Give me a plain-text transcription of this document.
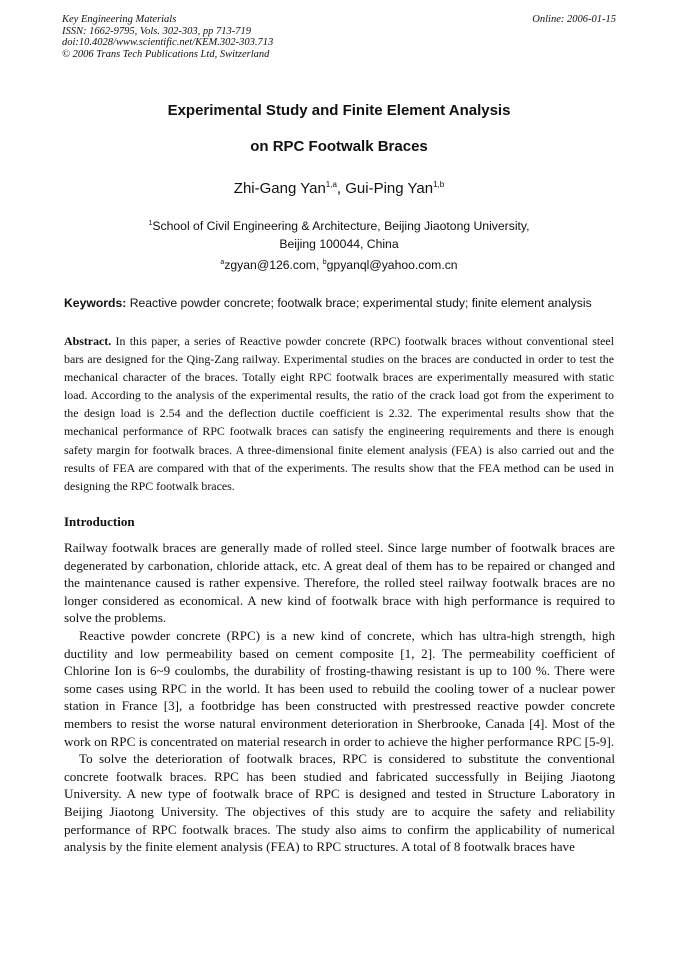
Key Engineering Materials
ISSN: 1662-9795, Vols. 302-303, pp 713-719
doi:10.4028/www.scientific.net/KEM.302-303.713
© 2006 Trans Tech Publications Ltd, Switzerland
Online: 2006-01-15
Experimental Study and Finite Element Analysis
on RPC Footwalk Braces
Zhi-Gang Yan$^{1,a}$, Gui-Ping Yan$^{1,b}$
$^1$School of Civil Engineering & Architecture, Beijing Jiaotong University,
Beijing 100044, China
$^a$zgyan@126.com, $^b$gpyanql@yahoo.com.cn
Keywords: Reactive powder concrete; footwalk brace; experimental study; finite element analysis
Abstract. In this paper, a series of Reactive powder concrete (RPC) footwalk braces without conventional steel bars are designed for the Qing-Zang railway. Experimental studies on the braces are conducted in order to test the mechanical character of the braces. Totally eight RPC footwalk braces are experimentally measured with static load. According to the analysis of the experimental results, the ratio of the crack load got from the experiment to the design load is 2.54 and the deflection ductile coefficient is 2.32. The experimental results show that the mechanical performance of RPC footwalk braces can satisfy the engineering requirements and there is enough safety margin for footwalk braces. A three-dimensional finite element analysis (FEA) is also carried out and the results of FEA are compared with that of the experiments. The results show that the FEA method can be used in designing the RPC footwalk braces.
Introduction

Railway footwalk braces are generally made of rolled steel. Since large number of footwalk braces are degenerated by carbonation, chloride attack, etc. A great deal of them has to be repaired or changed and the maintenance caused is rather expensive. Therefore, the rolled steel railway footwalk braces are no longer considered as economical. A new kind of footwalk brace with high performance is required to solve the problems.

Reactive powder concrete (RPC) is a new kind of concrete, which has ultra-high strength, high ductility and low permeability based on cement composite [1, 2]. The permeability coefficient of Chlorine Ion is 6~9 coulombs, the durability of frosting-thawing resistant is up to 100 %. There were some cases using RPC in the world. It has been used to rebuild the cooling tower of a nuclear power station in France [3], a footbridge has been constructed with prestressed reactive powder concrete members to resist the worse natural environment deterioration in Sherbrooke, Canada [4]. Most of the work on RPC is concentrated on material research in order to achieve the higher performance RPC [5-9].

To solve the deterioration of footwalk braces, RPC is considered to substitute the conventional concrete footwalk braces. RPC has been studied and fabricated successfully in Beijing Jiaotong University. A new type of footwalk brace of RPC is designed and tested in Structure Laboratory in Beijing Jiaotong University. The objectives of this study are to acquire the safety and reliability performance of RPC footwalk braces. The study also aims to confirm the applicability of numerical analysis by the finite element analysis (FEA) to RPC structures. A total of 8 footwalk braces have
